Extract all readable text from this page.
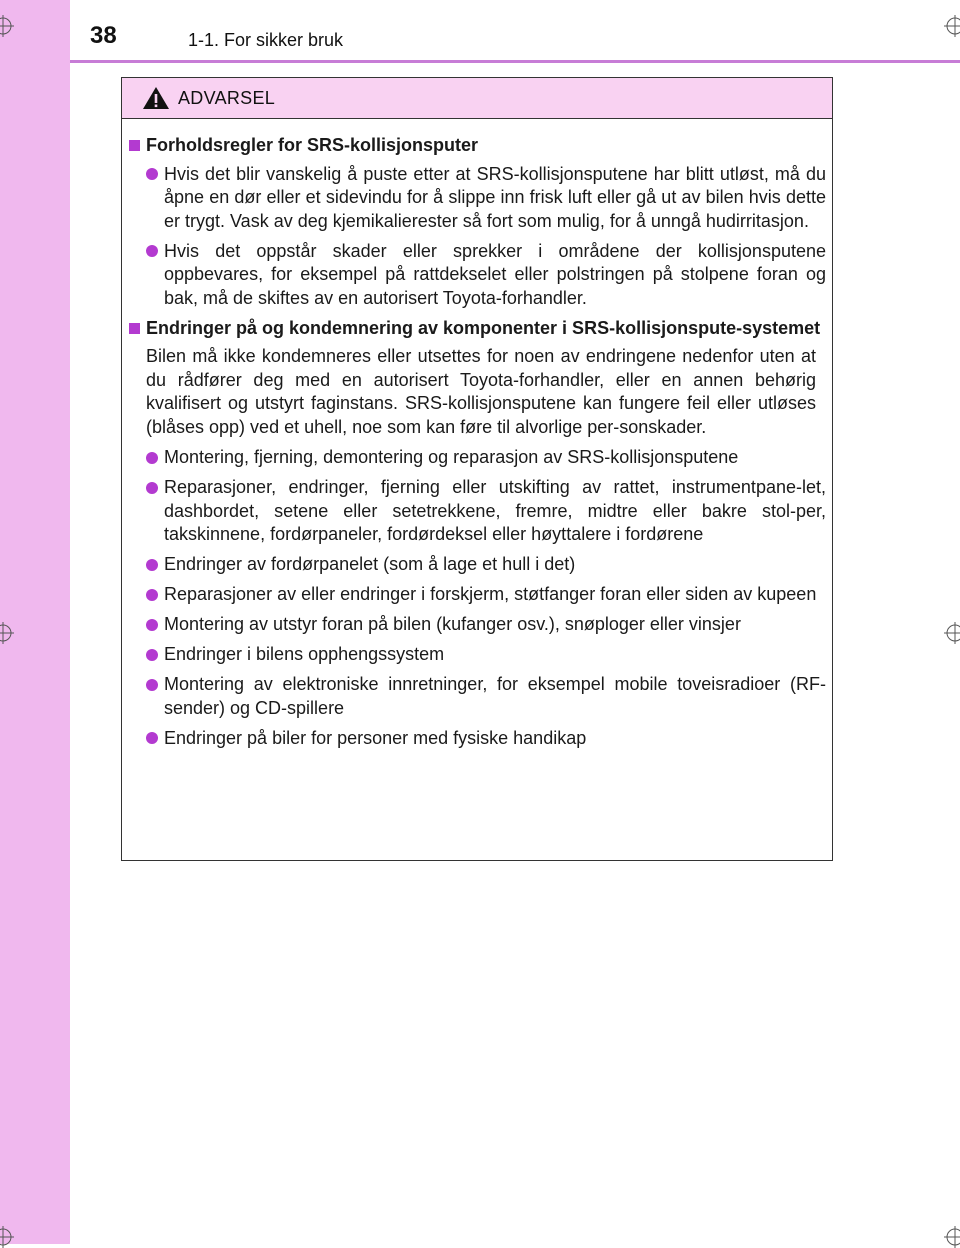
38	1-1. For sikker bruk
ADVARSEL
Forholdsregler for SRS-kollisjonsputer
Hvis det blir vanskelig å puste etter at SRS-kollisjonsputene har blitt utløst, må du åpne en dør eller et sidevindu for å slippe inn frisk luft eller gå ut av bilen hvis dette er trygt. Vask av deg kjemikalierester så fort som mulig, for å unngå hudirritasjon.
Hvis det oppstår skader eller sprekker i områdene der kollisjonsputene oppbevares, for eksempel på rattdekselet eller polstringen på stolpene foran og bak, må de skiftes av en autorisert Toyota-forhandler.
Endringer på og kondemnering av komponenter i SRS-kollisjonspute-systemet
Bilen må ikke kondemneres eller utsettes for noen av endringene nedenfor uten at du rådfører deg med en autorisert Toyota-forhandler, eller en annen behørig kvalifisert og utstyrt faginstans. SRS-kollisjonsputene kan fungere feil eller utløses (blåses opp) ved et uhell, noe som kan føre til alvorlige per-sonskader.
Montering, fjerning, demontering og reparasjon av SRS-kollisjonsputene
Reparasjoner, endringer, fjerning eller utskifting av rattet, instrumentpane-let, dashbordet, setene eller setetrekkene, fremre, midtre eller bakre stol-per, takskinnene, fordørpaneler, fordørdeksel eller høyttalere i fordørene
Endringer av fordørpanelet (som å lage et hull i det)
Reparasjoner av eller endringer i forskjerm, støtfanger foran eller siden av kupeen
Montering av utstyr foran på bilen (kufanger osv.), snøploger eller vinsjer
Endringer i bilens opphengssystem
Montering av elektroniske innretninger, for eksempel mobile toveisradioer (RF-sender) og CD-spillere
Endringer på biler for personer med fysiske handikap
